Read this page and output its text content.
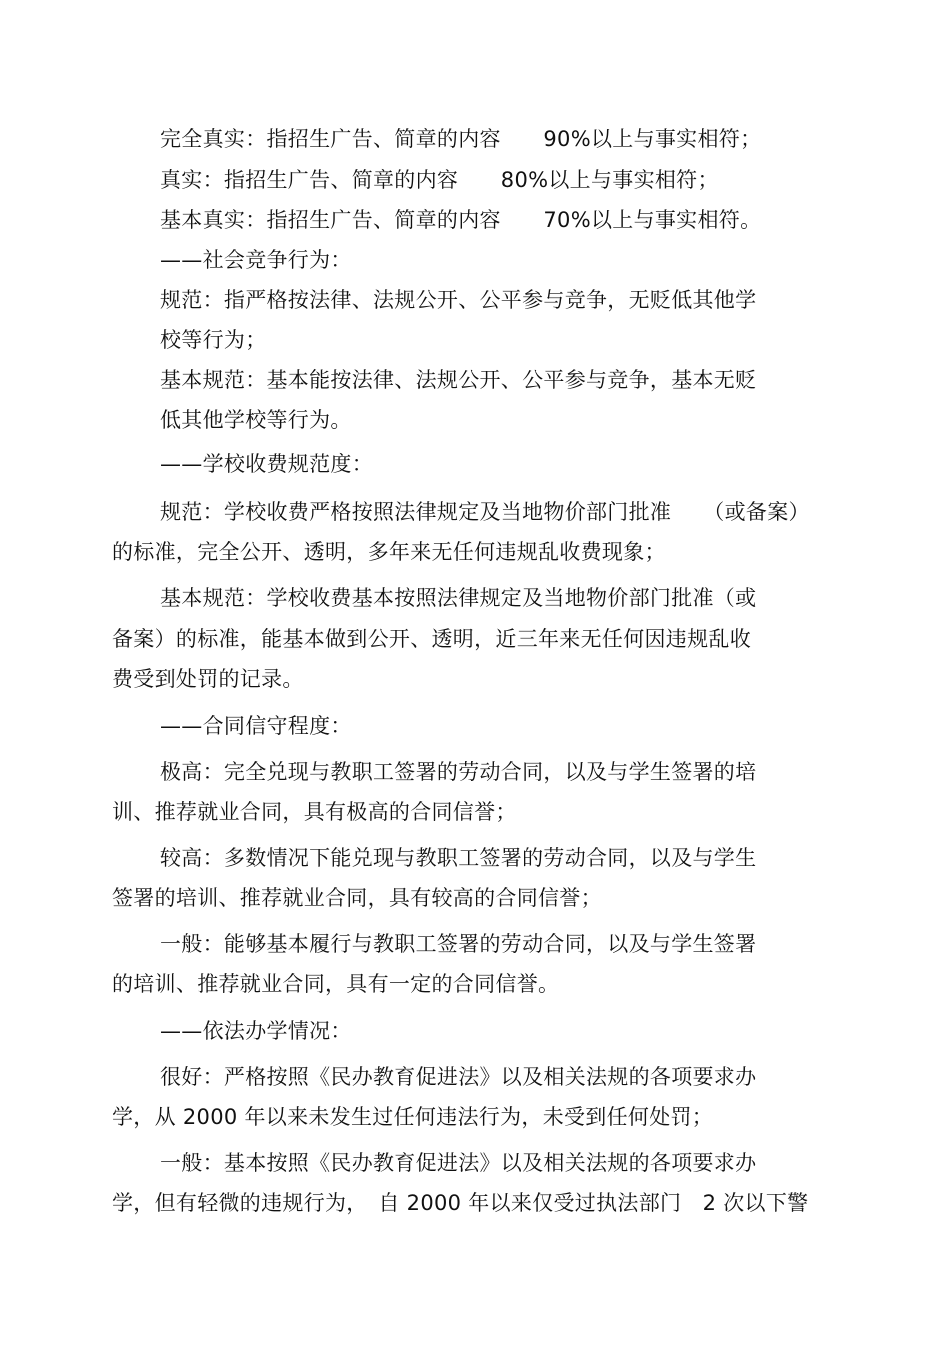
完全真实：指招生广告、简章的内容　　90%以上与事实相符；
真实：指招生广告、简章的内容　　80%以上与事实相符；
基本真实：指招生广告、简章的内容　　70%以上与事实相符。
——社会竞争行为：
规范：指严格按法律、法规公开、公平参与竞争，无贬低其他学
校等行为；
基本规范：基本能按法律、法规公开、公平参与竞争，基本无贬
低其他学校等行为。
——学校收费规范度：
规范：学校收费严格按照法律规定及当地物价部门批准　　（或备案）
的标准，完全公开、透明，多年来无任何违规乱收费现象；
基本规范：学校收费基本按照法律规定及当地物价部门批准（或
备案）的标准，能基本做到公开、透明，近三年来无任何因违规乱收
费受到处罚的记录。
——合同信守程度：
极高：完全兑现与教职工签署的劳动合同，以及与学生签署的培
训、推荐就业合同，具有极高的合同信誉；
较高：多数情况下能兑现与教职工签署的劳动合同，以及与学生
签署的培训、推荐就业合同，具有较高的合同信誉；
一般：能够基本履行与教职工签署的劳动合同，以及与学生签署
的培训、推荐就业合同，具有一定的合同信誉。
——依法办学情况：
很好：严格按照《民办教育促进法》以及相关法规的各项要求办
学，从 2000 年以来未发生过任何违法行为，未受到任何处罚；
一般：基本按照《民办教育促进法》以及相关法规的各项要求办
学，但有轻微的违规行为，　自 2000 年以来仅受过执法部门　2 次以下警
